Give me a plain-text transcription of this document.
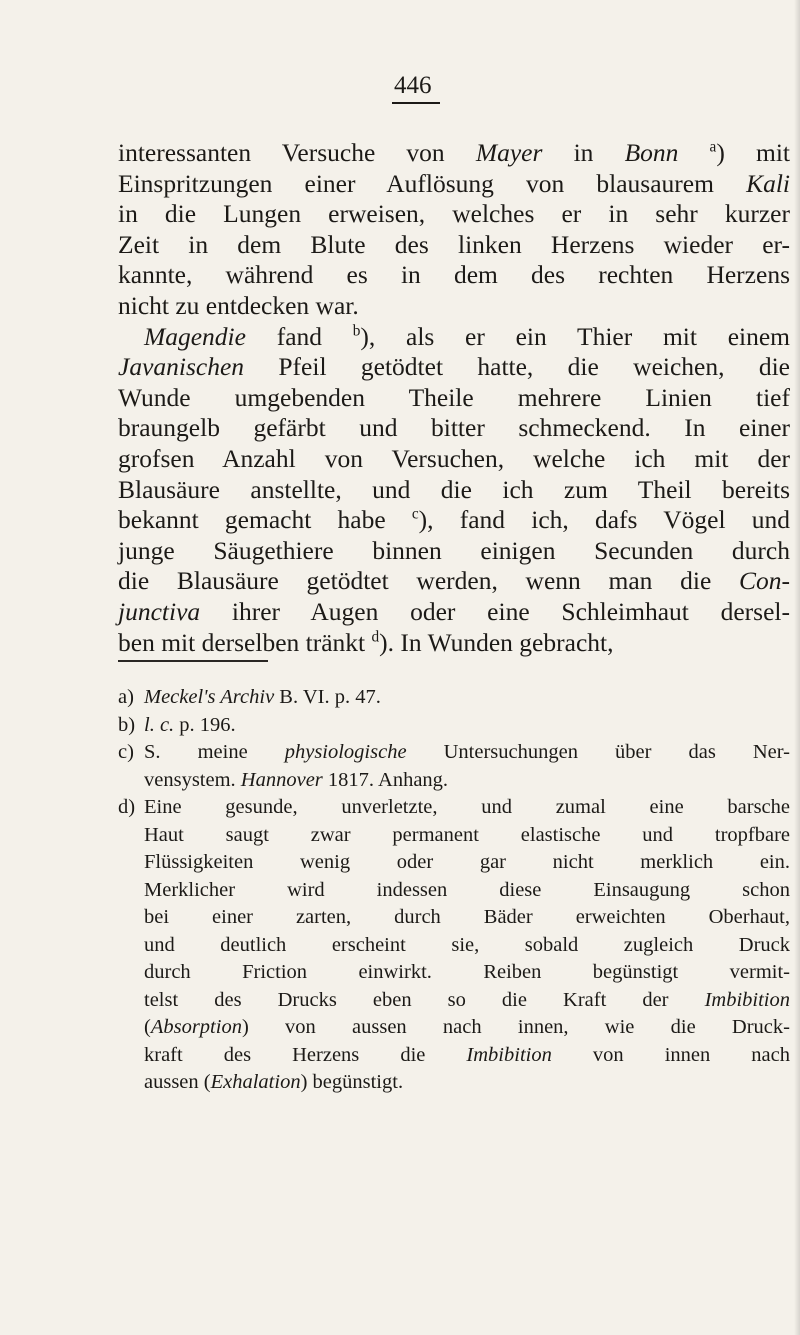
446
interessanten Versuche von Mayer in Bonn $^a$) mit
Einspritzungen einer Auflösung von blausaurem Kali
in die Lungen erweisen, welches er in sehr kurzer
Zeit in dem Blute des linken Herzens wieder er-
kannte, während es in dem des rechten Herzens
nicht zu entdecken war.
Magendie fand $^b$), als er ein Thier mit einem
Javanischen Pfeil getödtet hatte, die weichen, die
Wunde umgebenden Theile mehrere Linien tief
braungelb gefärbt und bitter schmeckend. In einer
grofsen Anzahl von Versuchen, welche ich mit der
Blausäure anstellte, und die ich zum Theil bereits
bekannt gemacht habe $^c$), fand ich, dafs Vögel und
junge Säugethiere binnen einigen Secunden durch
die Blausäure getödtet werden, wenn man die Con-
junctiva ihrer Augen oder eine Schleimhaut dersel-
ben mit derselben tränkt $^d$). In Wunden gebracht,
a) Meckel's Archiv B. VI. p. 47.
b) l. c. p. 196.
c) S. meine physiologische Untersuchungen über das Ner-
vensystem. Hannover 1817. Anhang.
d) Eine gesunde, unverletzte, und zumal eine barsche
Haut saugt zwar permanent elastische und tropfbare
Flüssigkeiten wenig oder gar nicht merklich ein.
Merklicher wird indessen diese Einsaugung schon
bei einer zarten, durch Bäder erweichten Oberhaut,
und deutlich erscheint sie, sobald zugleich Druck
durch Friction einwirkt. Reiben begünstigt vermit-
telst des Drucks eben so die Kraft der Imbibition
(Absorption) von aussen nach innen, wie die Druck-
kraft des Herzens die Imbibition von innen nach
aussen (Exhalation) begünstigt.
